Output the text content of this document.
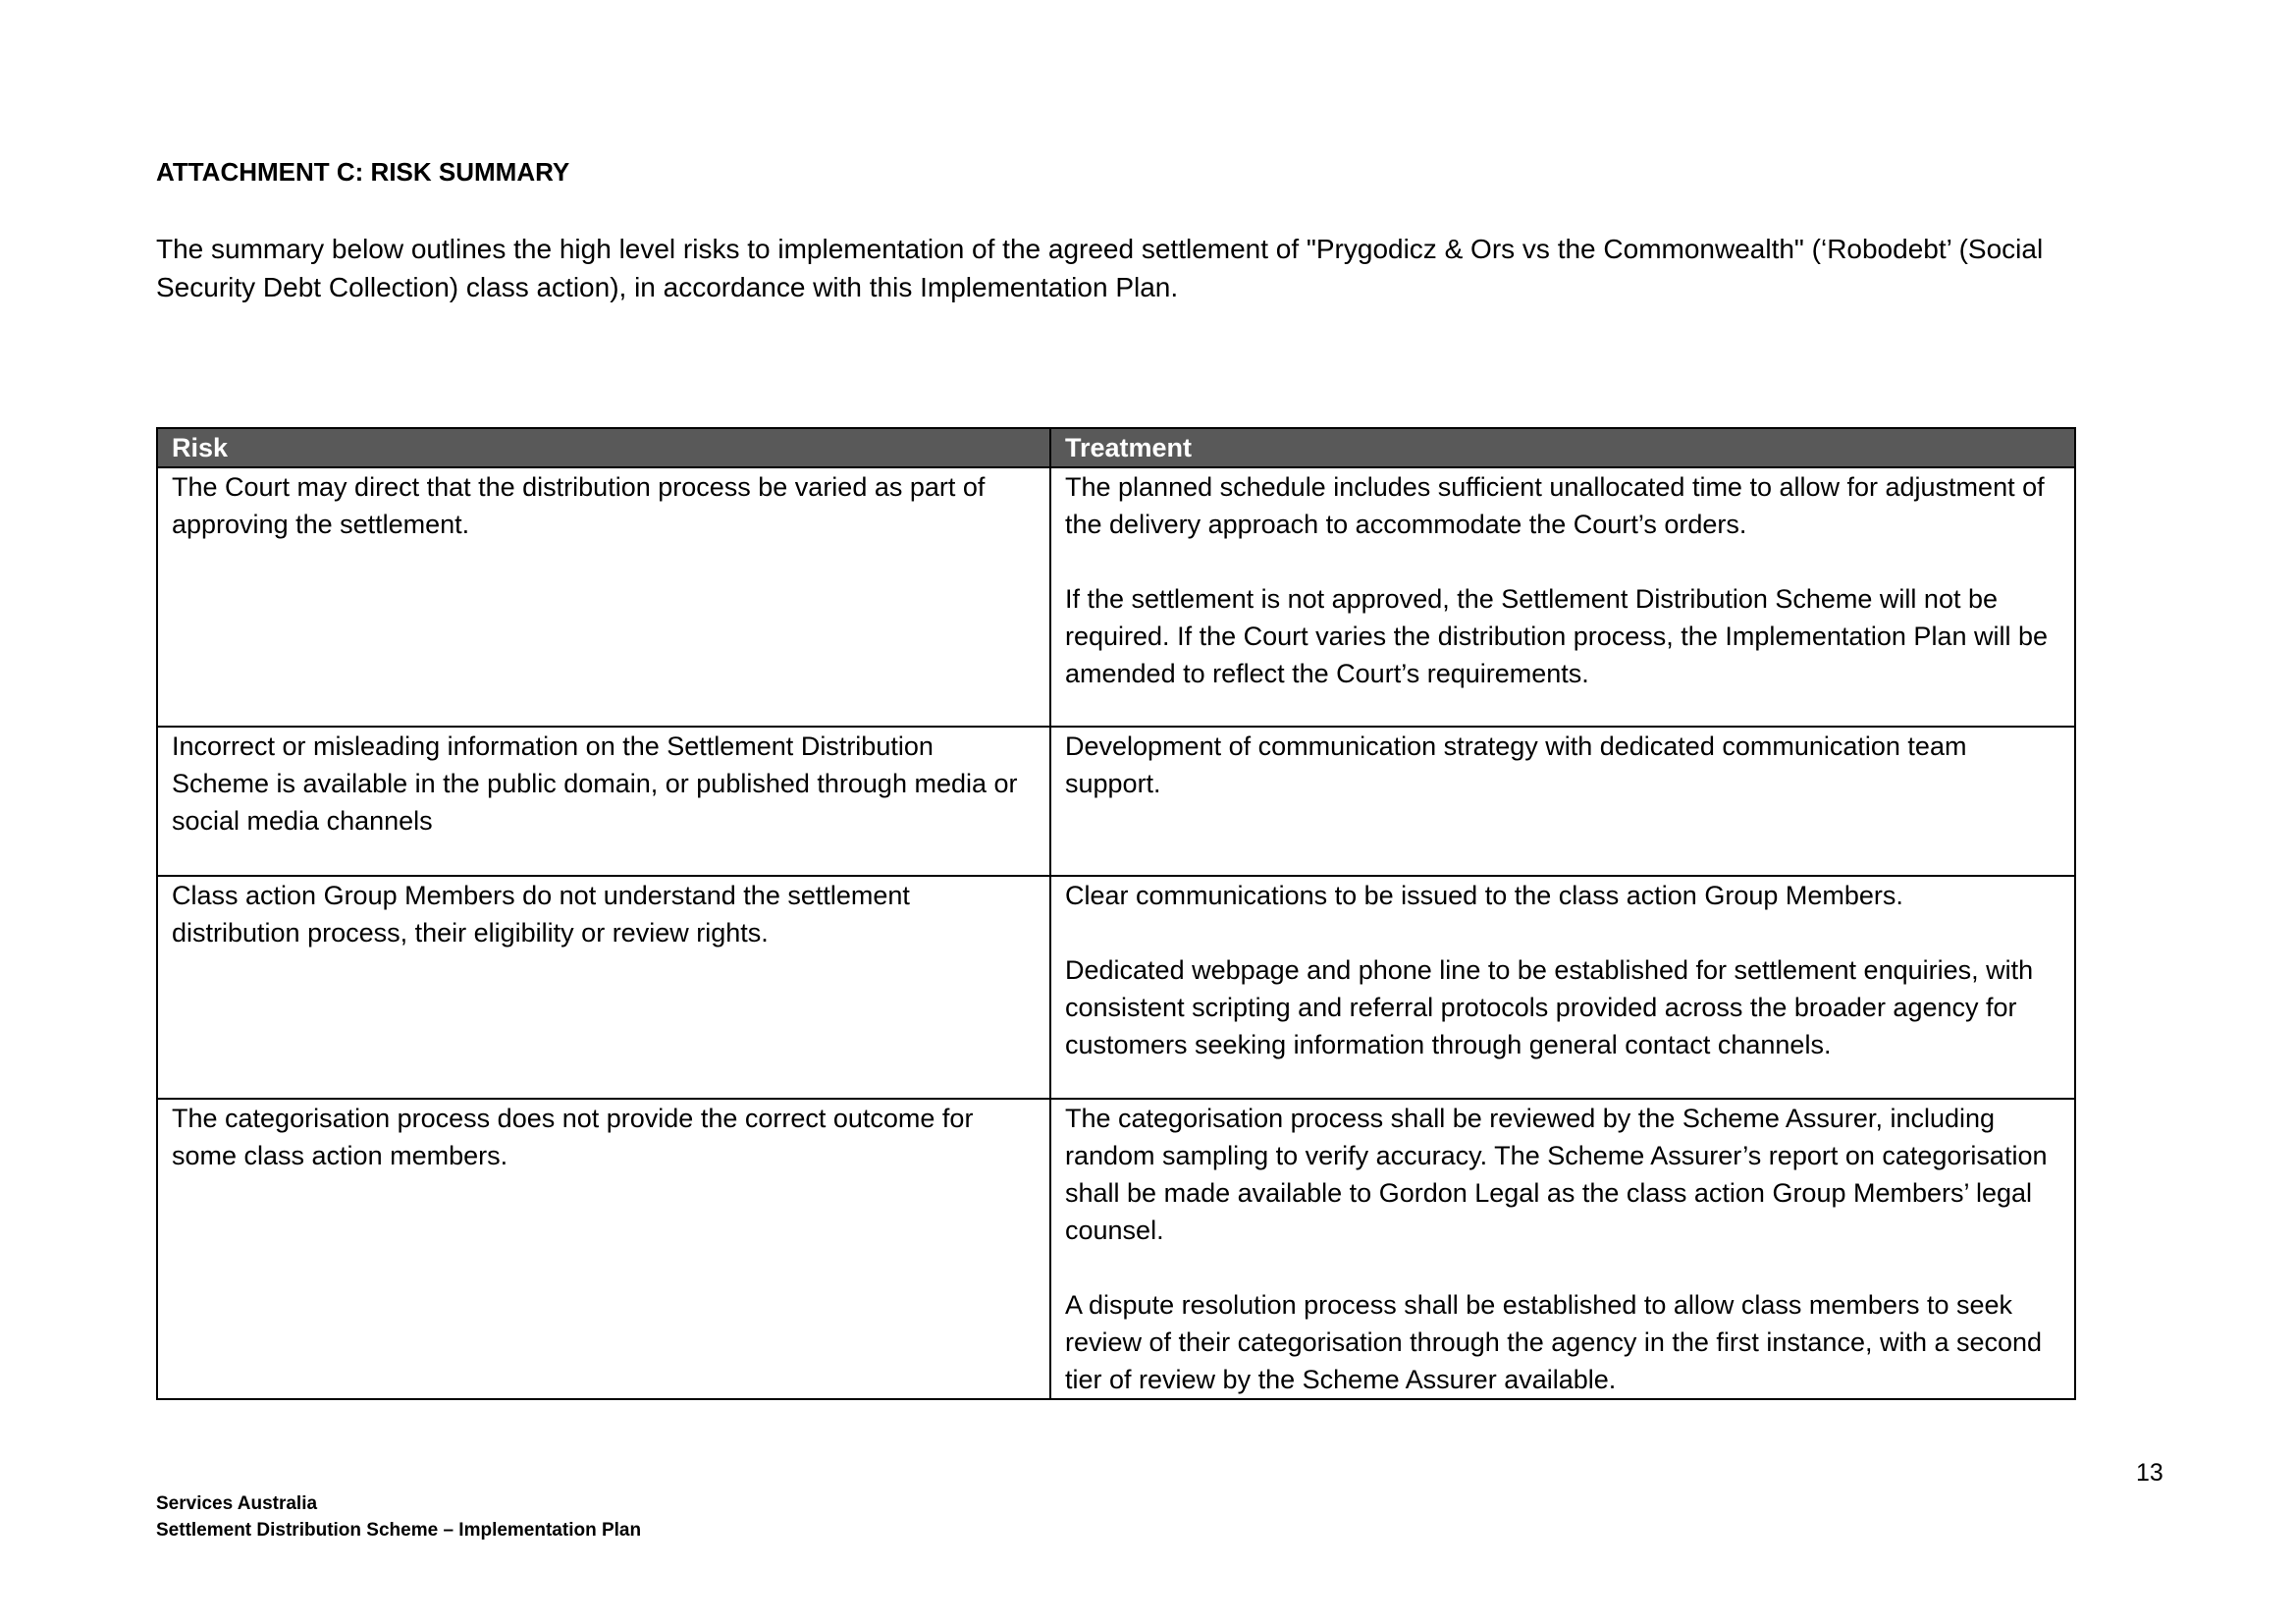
ATTACHMENT C: RISK SUMMARY
The summary below outlines the high level risks to implementation of the agreed settlement of "Prygodicz & Ors vs the Commonwealth" (‘Robodebt’ (Social Security Debt Collection) class action), in accordance with this Implementation Plan.
Risk	Treatment

The Court may direct that the distribution process be varied as part of approving the settlement.	The planned schedule includes sufficient unallocated time to allow for adjustment of the delivery approach to accommodate the Court’s orders.

If the settlement is not approved, the Settlement Distribution Scheme will not be required. If the Court varies the distribution process, the Implementation Plan will be amended to reflect the Court’s requirements.

Incorrect or misleading information on the Settlement Distribution Scheme is available in the public domain, or published through media or social media channels	Development of communication strategy with dedicated communication team support.

Class action Group Members do not understand the settlement distribution process, their eligibility or review rights.	Clear communications to be issued to the class action Group Members.

Dedicated webpage and phone line to be established for settlement enquiries, with consistent scripting and referral protocols provided across the broader agency for customers seeking information through general contact channels.

The categorisation process does not provide the correct outcome for some class action members.	The categorisation process shall be reviewed by the Scheme Assurer, including random sampling to verify accuracy. The Scheme Assurer’s report on categorisation shall be made available to Gordon Legal as the class action Group Members’ legal counsel.

A dispute resolution process shall be established to allow class members to seek review of their categorisation through the agency in the first instance, with a second tier of review by the Scheme Assurer available.

13
Services Australia
Settlement Distribution Scheme – Implementation Plan
